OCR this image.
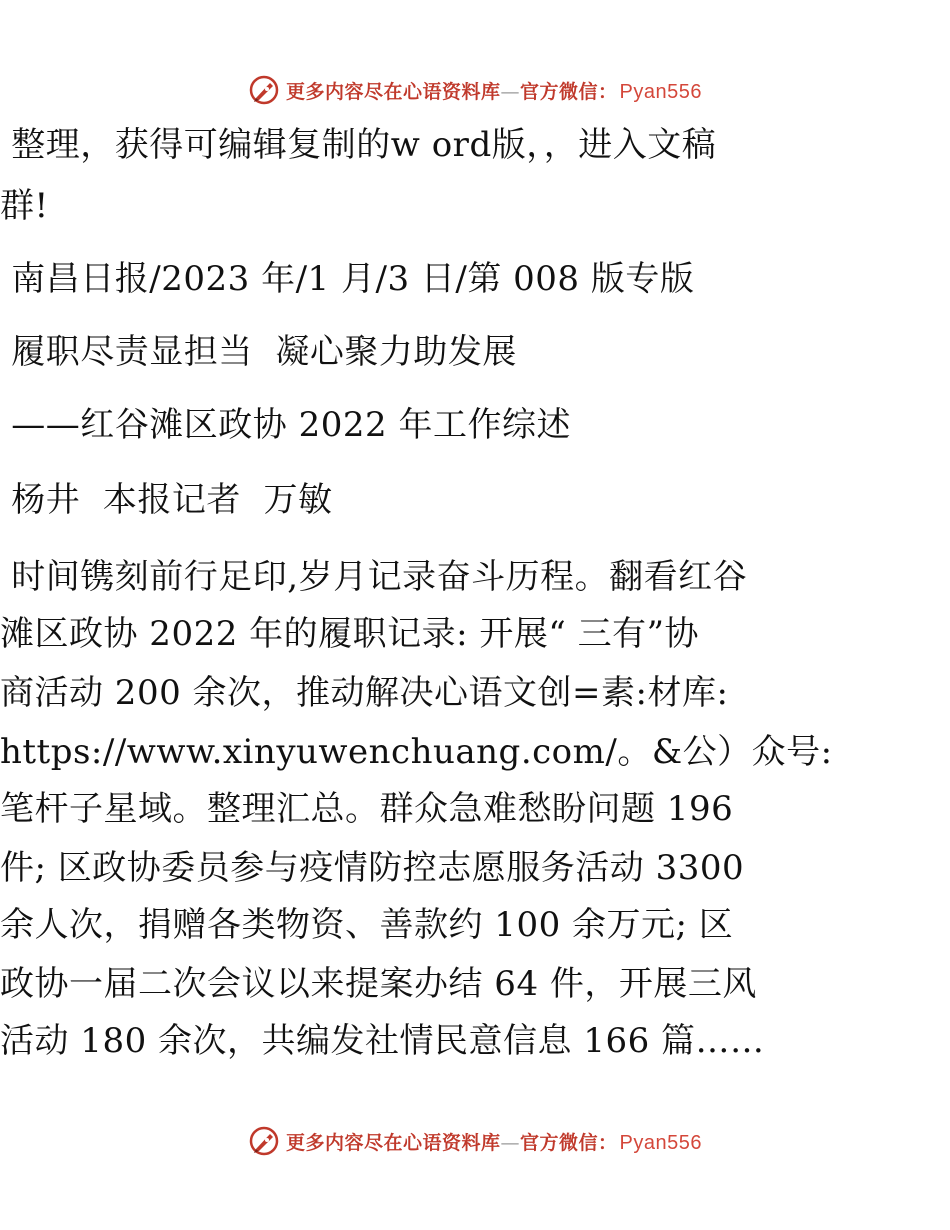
更多内容尽在心语资料库—官方微信： Pyan556
整理，获得可编辑复制的w ord版，，进入文稿
群!
南昌日报/2023 年/1 月/3 日/第 008 版专版
履职尽责显担当  凝心聚力助发展
——红谷滩区政协 2022 年工作综述
杨井  本报记者  万敏
时间镌刻前行足印,岁月记录奋斗历程。翻看红谷
滩区政协 2022 年的履职记录: 开展“ 三有”协
商活动 200 余次，推动解决心语文创=素:材库:
https://www.xinyuwenchuang.com/。&公）众号:
笔杆子星域。整理汇总。群众急难愁盼问题 196
件; 区政协委员参与疫情防控志愿服务活动 3300
余人次，捐赠各类物资、善款约 100 余万元; 区
政协一届二次会议以来提案办结 64 件，开展三风
活动 180 余次，共编发社情民意信息 166 篇……
更多内容尽在心语资料库—官方微信： Pyan556
